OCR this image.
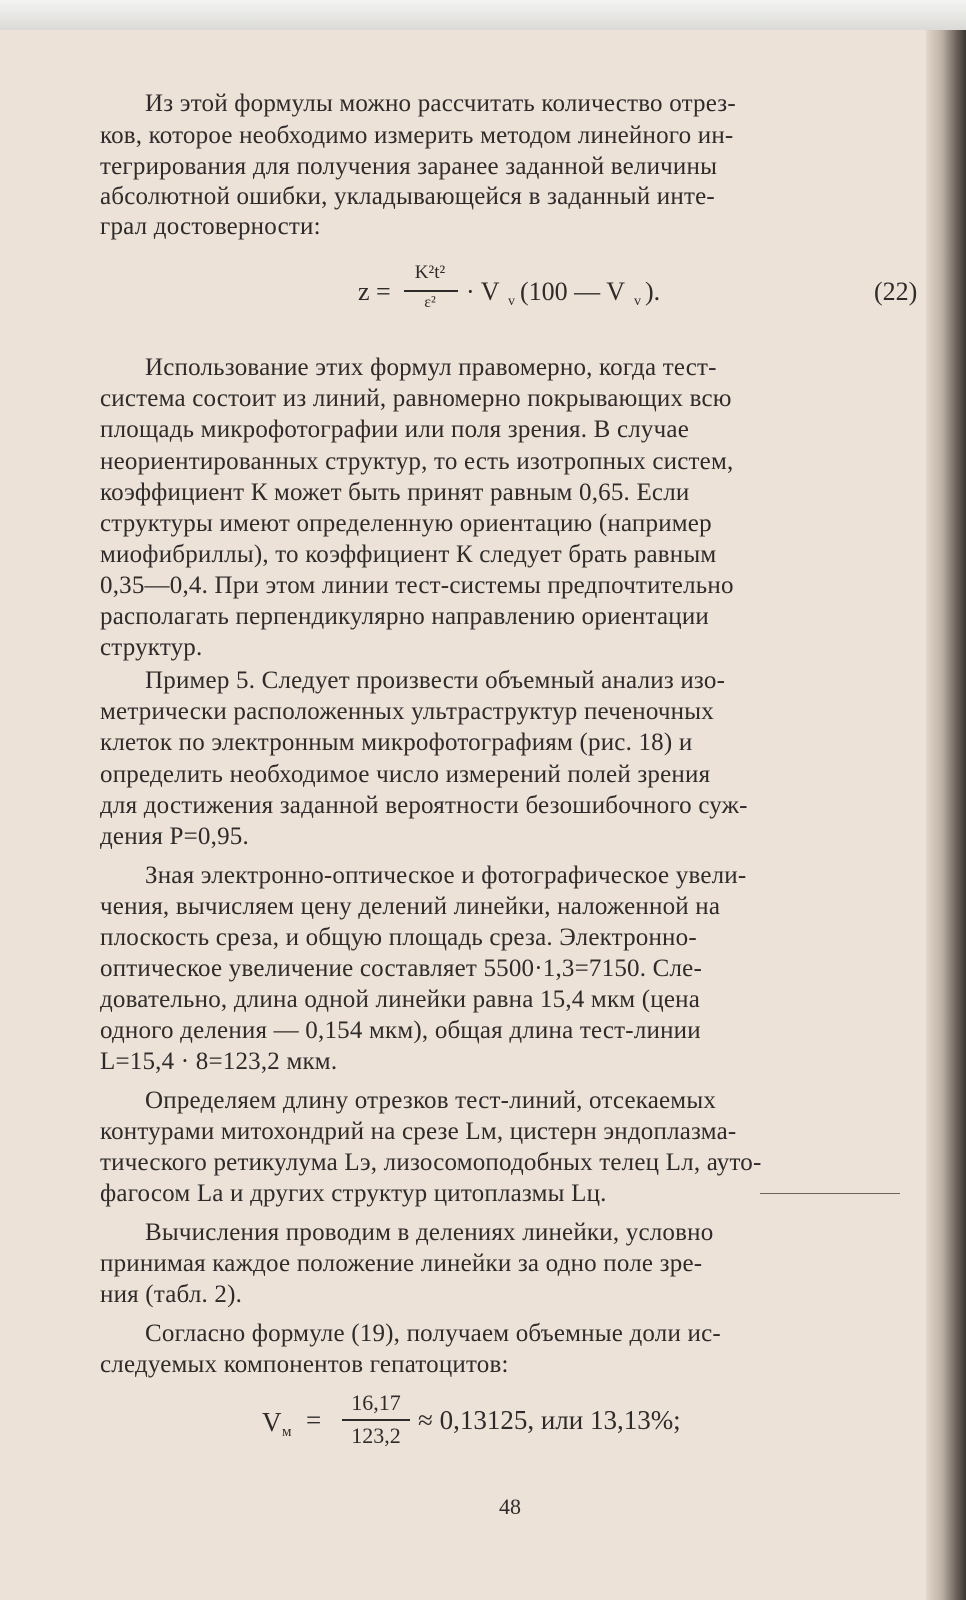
Из этой формулы можно рассчитать количество отрез-
ков, которое необходимо измерить методом линейного ин-
тегрирования для получения заранее заданной величины
абсолютной ошибки, укладывающейся в заданный инте-
грал достоверности:
Использование этих формул правомерно, когда тест-
система состоит из линий, равномерно покрывающих всю
площадь микрофотографии или поля зрения. В случае
неориентированных структур, то есть изотропных систем,
коэффициент К может быть принят равным 0,65. Если
структуры имеют определенную ориентацию (например
миофибриллы), то коэффициент К следует брать равным
0,35—0,4. При этом линии тест-системы предпочтительно
располагать перпендикулярно направлению ориентации
структур.
Пример 5. Следует произвести объемный анализ изо-
метрически расположенных ультраструктур печеночных
клеток по электронным микрофотографиям (рис. 18) и
определить необходимое число измерений полей зрения
для достижения заданной вероятности безошибочного суж-
дения P=0,95.
Зная электронно-оптическое и фотографическое увели-
чения, вычисляем цену делений линейки, наложенной на
плоскость среза, и общую площадь среза. Электронно-
оптическое увеличение составляет 5500·1,3=7150. Сле-
довательно, длина одной линейки равна 15,4 мкм (цена
одного деления — 0,154 мкм), общая длина тест-линии
L=15,4 · 8=123,2 мкм.
Определяем длину отрезков тест-линий, отсекаемых
контурами митохондрий на срезе Lм, цистерн эндоплазма-
тического ретикулума Lэ, лизосомоподобных телец Lл, ауто-
фагосом Lа и других структур цитоплазмы Lц.
Вычисления проводим в делениях линейки, условно
принимая каждое положение линейки за одно поле зре-
ния (табл. 2).
Согласно формуле (19), получаем объемные доли ис-
следуемых компонентов гепатоцитов:
z =
K²t²
ε²	· V v (100 — V v ).	(22)
V м =
16,17
123,2
≈ 0,13125, или 13,13%;
48
